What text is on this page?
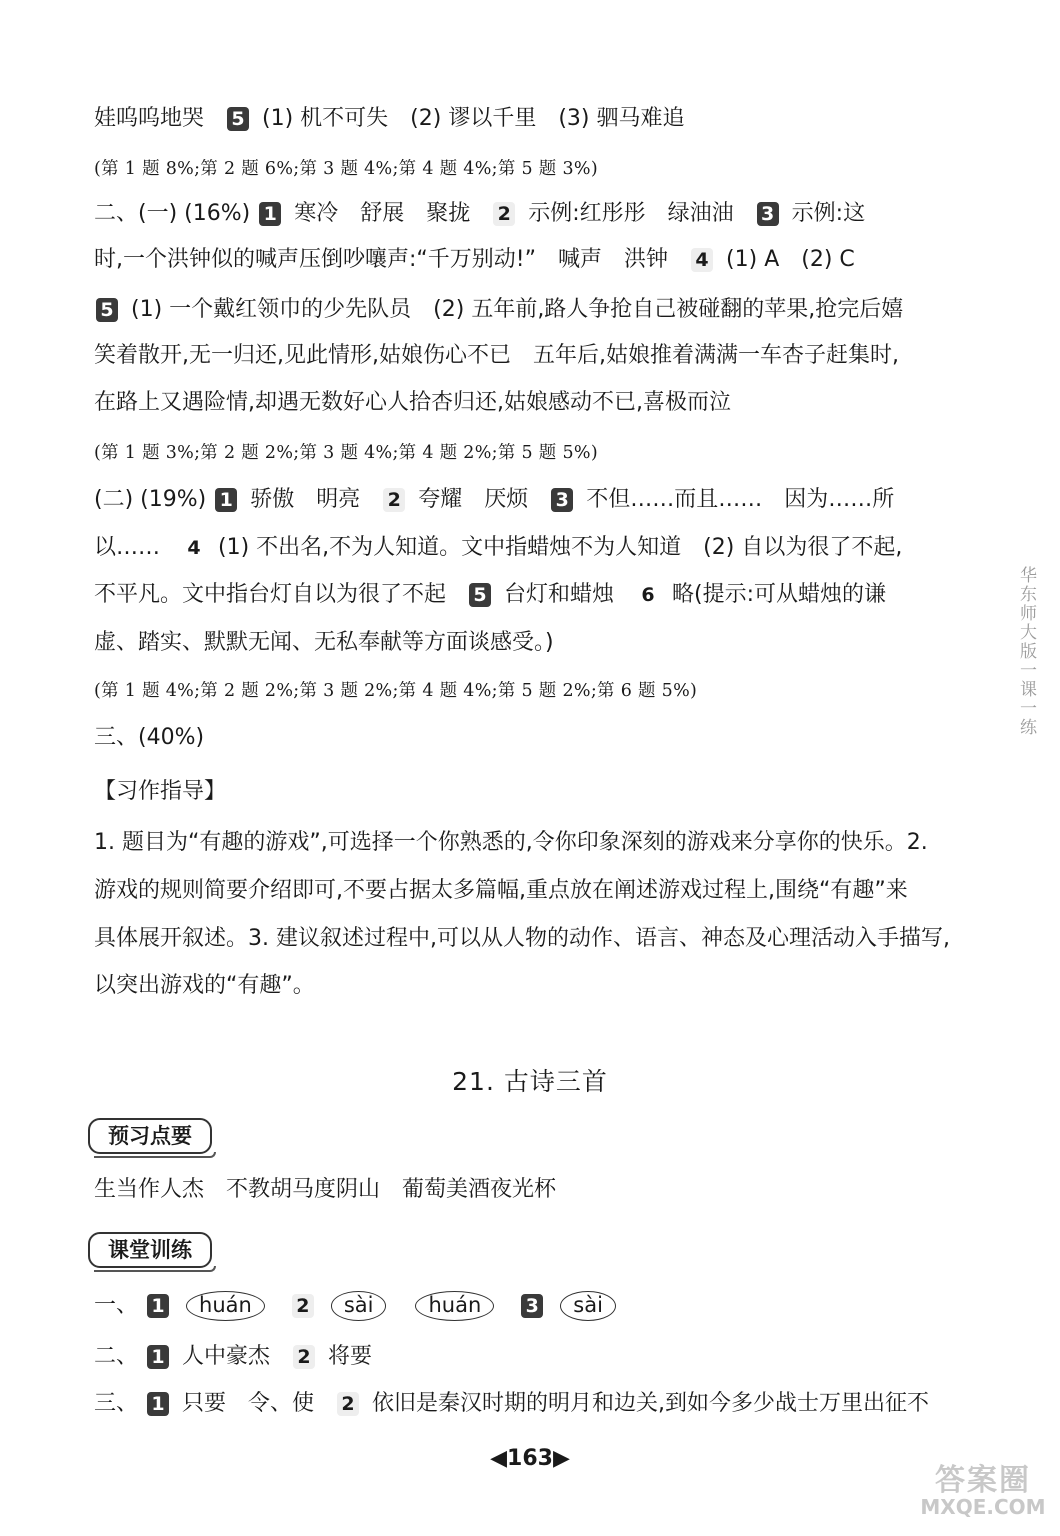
娃呜呜地哭 5 (1) 机不可失　(2) 谬以千里　(3) 驷马难追
(第 1 题 8%;第 2 题 6%;第 3 题 4%;第 4 题 4%;第 5 题 3%)
二、(一) (16%) 1 寒冷　舒展　聚拢 2 示例:红彤彤　绿油油 3 示例:这
时,一个洪钟似的喊声压倒吵嚷声:“千万别动!”　喊声　洪钟 4 (1) A　(2) C
5 (1) 一个戴红领巾的少先队员　(2) 五年前,路人争抢自己被碰翻的苹果,抢完后嬉
笑着散开,无一归还,见此情形,姑娘伤心不已　五年后,姑娘推着满满一车杏子赶集时,
在路上又遇险情,却遇无数好心人拾杏归还,姑娘感动不已,喜极而泣
(第 1 题 3%;第 2 题 2%;第 3 题 4%;第 4 题 2%;第 5 题 5%)
(二) (19%) 1 骄傲　明亮 2 夸耀　厌烦 3 不但……而且……　因为……所
以…… 4 (1) 不出名,不为人知道。文中指蜡烛不为人知道　(2) 自以为很了不起,
不平凡。文中指台灯自以为很了不起 5 台灯和蜡烛 6 略(提示:可从蜡烛的谦
虚、踏实、默默无闻、无私奉献等方面谈感受。)
(第 1 题 4%;第 2 题 2%;第 3 题 2%;第 4 题 4%;第 5 题 2%;第 6 题 5%)
三、(40%)
【习作指导】
1. 题目为“有趣的游戏”,可选择一个你熟悉的,令你印象深刻的游戏来分享你的快乐。2.
游戏的规则简要介绍即可,不要占据太多篇幅,重点放在阐述游戏过程上,围绕“有趣”来
具体展开叙述。3. 建议叙述过程中,可以从人物的动作、语言、神态及心理活动入手描写,
以突出游戏的“有趣”。
21. 古诗三首
预习点要
生当作人杰　不教胡马度阴山　葡萄美酒夜光杯
课堂训练
一、 1 huán 2 sài	huán 3 sài
二、 1 人中豪杰 2 将要
三、 1 只要　令、使 2 依旧是秦汉时期的明月和边关,到如今多少战士万里出征不
华东师大版一课一练
◀163▶
答案圈
MXQE.COM
